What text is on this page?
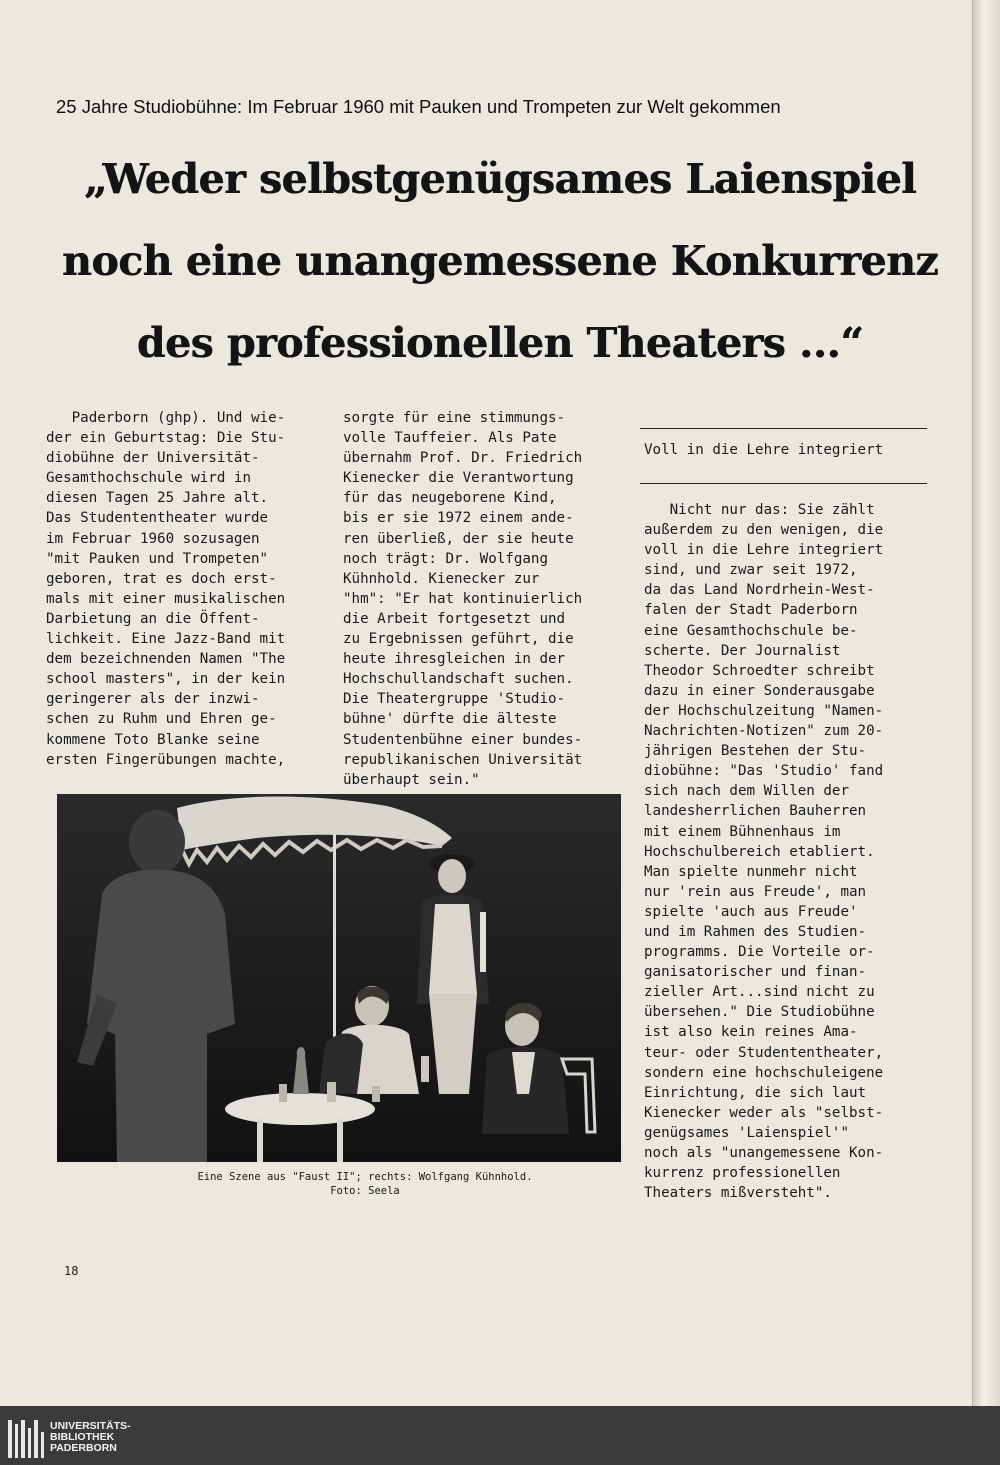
25 Jahre Studiobühne: Im Februar 1960 mit Pauken und Trompeten zur Welt gekommen
„Weder selbstgenügsames Laienspiel
noch eine unangemessene Konkurrenz
des professionellen Theaters ...“

Paderborn (ghp). Und wie-

der ein Geburtstag: Die Stu-

diobühne der Universität-

Gesamthochschule wird in

diesen Tagen 25 Jahre alt.

Das Studententheater wurde

im Februar 1960 sozusagen

"mit Pauken und Trompeten"

geboren, trat es doch erst-

mals mit einer musikalischen

Darbietung an die Öffent-

lichkeit. Eine Jazz-Band mit

dem bezeichnenden Namen "The

school masters", in der kein

geringerer als der inzwi-

schen zu Ruhm und Ehren ge-

kommene Toto Blanke seine

ersten Fingerübungen machte,

sorgte für eine stimmungs-

volle Tauffeier. Als Pate

übernahm Prof. Dr. Friedrich

Kienecker die Verantwortung

für das neugeborene Kind,

bis er sie 1972 einem ande-

ren überließ, der sie heute

noch trägt: Dr. Wolfgang

Kühnhold. Kienecker zur

"hm": "Er hat kontinuierlich

die Arbeit fortgesetzt und

zu Ergebnissen geführt, die

heute ihresgleichen in der

Hochschullandschaft suchen.

Die Theatergruppe 'Studio-

bühne' dürfte die älteste

Studentenbühne einer bundes-

republikanischen Universität

überhaupt sein."

Voll in die Lehre integriert

Nicht nur das: Sie zählt

außerdem zu den wenigen, die

voll in die Lehre integriert

sind, und zwar seit 1972,

da das Land Nordrhein-West-

falen der Stadt Paderborn

eine Gesamthochschule be-

scherte. Der Journalist

Theodor Schroedter schreibt

dazu in einer Sonderausgabe

der Hochschulzeitung "Namen-

Nachrichten-Notizen" zum 20-

jährigen Bestehen der Stu-

diobühne: "Das 'Studio' fand

sich nach dem Willen der

landesherrlichen Bauherren

mit einem Bühnenhaus im

Hochschulbereich etabliert.

Man spielte nunmehr nicht

nur 'rein aus Freude', man

spielte 'auch aus Freude'

und im Rahmen des Studien-

programms. Die Vorteile or-

ganisatorischer und finan-

zieller Art...sind nicht zu

übersehen." Die Studiobühne

ist also kein reines Ama-

teur- oder Studententheater,

sondern eine hochschuleigene

Einrichtung, die sich laut

Kienecker weder als "selbst-

genügsames 'Laienspiel'"

noch als "unangemessene Kon-

kurrenz professionellen

Theaters mißversteht".

Eine Szene aus "Faust II"; rechts: Wolfgang Kühnhold.
Foto: Seela
18
UNIVERSITÄTS-
BIBLIOTHEK
PADERBORN
